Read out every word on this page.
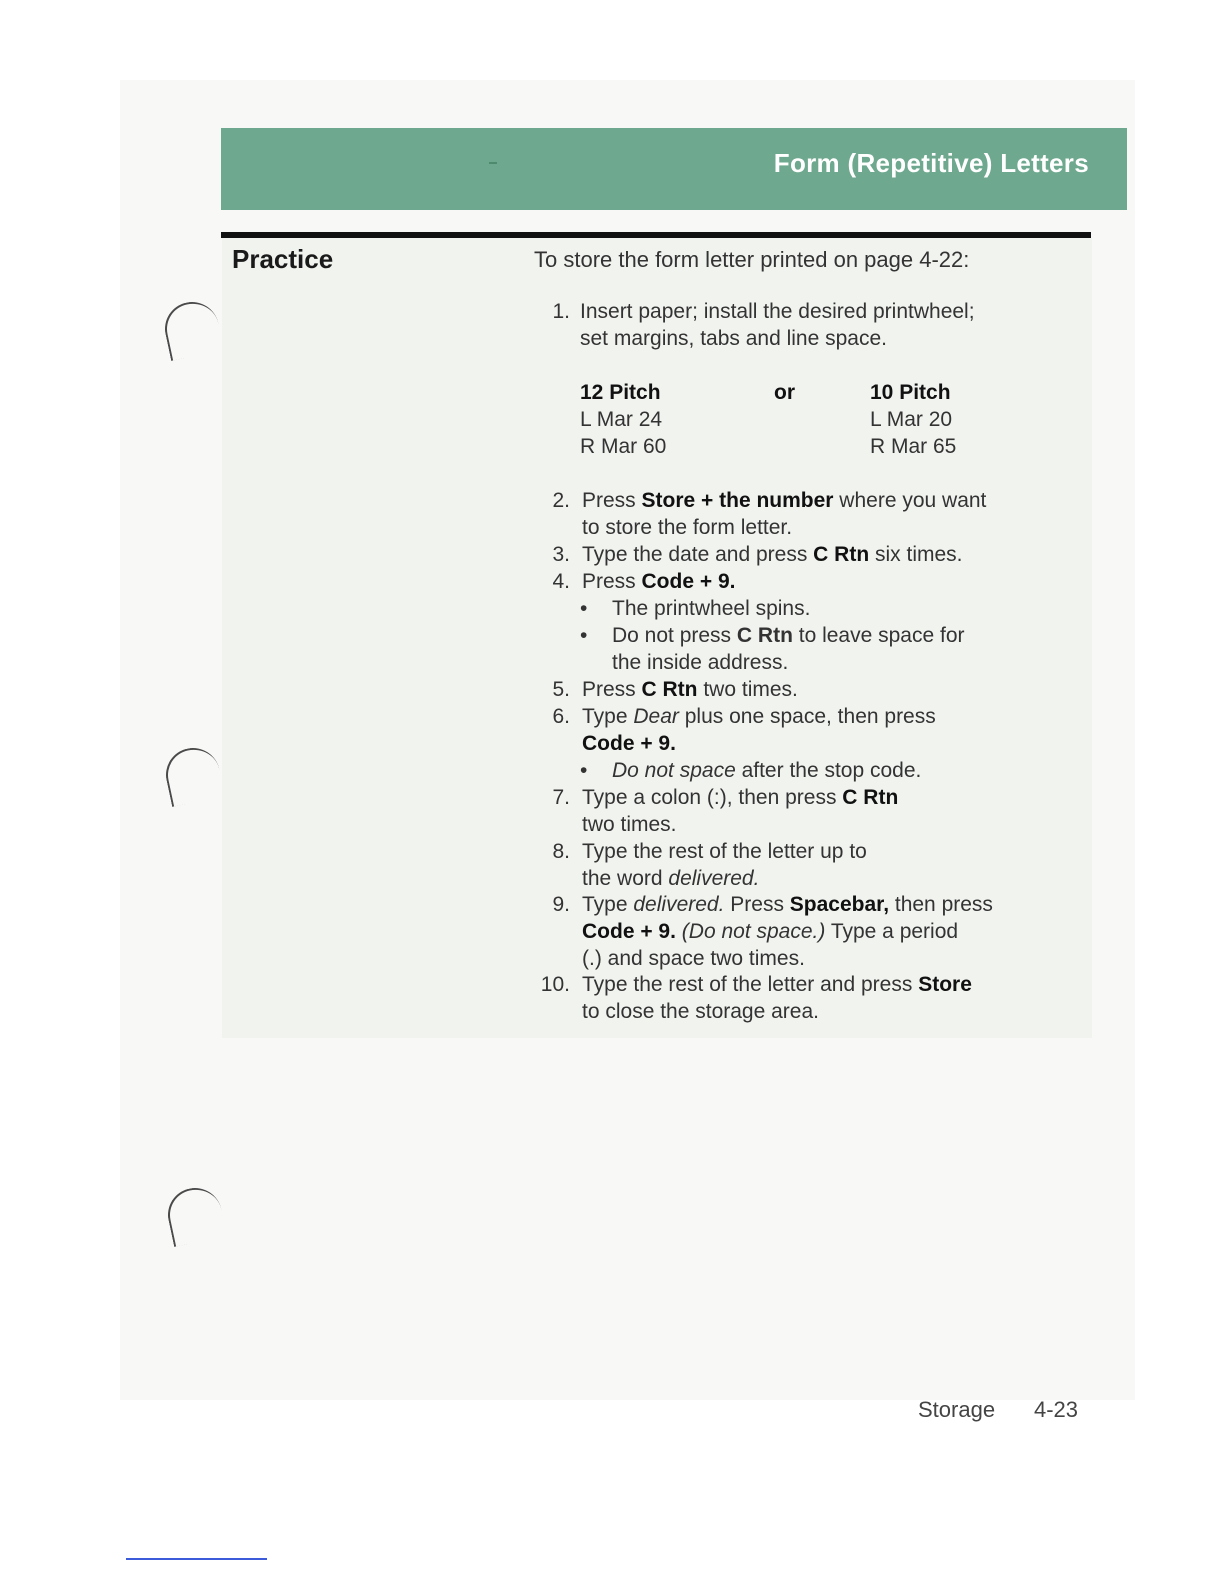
Form (Repetitive) Letters
Practice	To store the form letter printed on page 4-22:
1. Insert paper; install the desired printwheel;
set margins, tabs and line space.
12 Pitch
L Mar 24
R Mar 60
or	10 Pitch
L Mar 20
R Mar 65
2. Press Store + the number where you want
to store the form letter.
3. Type the date and press C Rtn six times.
4. Press Code + 9.
• The printwheel spins.
• Do not press C Rtn to leave space for
the inside address.
5. Press C Rtn two times.
6. Type Dear plus one space, then press
Code + 9.
• Do not space after the stop code.
7. Type a colon (:), then press C Rtn
two times.
8. Type the rest of the letter up to
the word delivered.
9. Type delivered. Press Spacebar, then press
Code + 9. (Do not space.) Type a period
(.) and space two times.
10. Type the rest of the letter and press Store
to close the storage area.
Storage 4-23
